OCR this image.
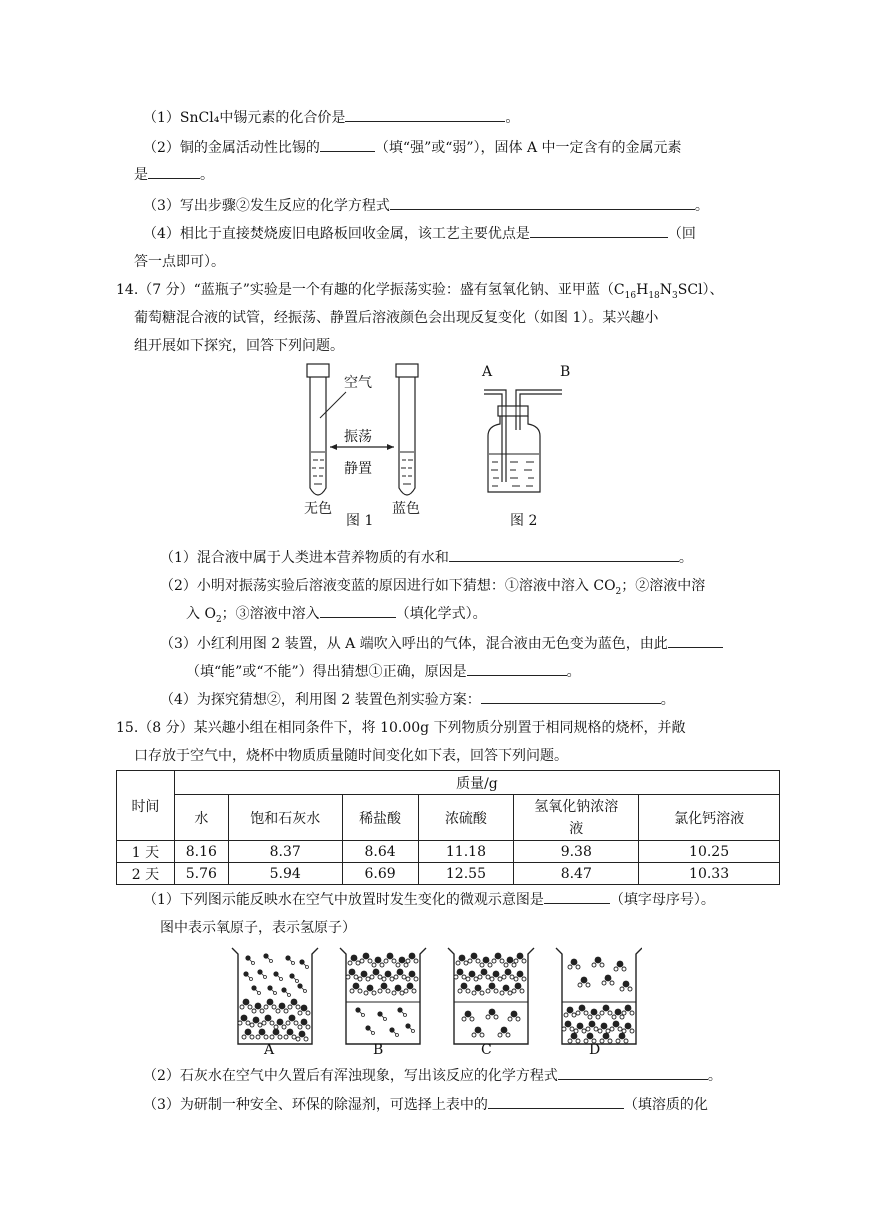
（1）SnCl₄中锡元素的化合价是	。
（2）铜的金属活动性比锡的	（填“强”或“弱”），固体 A 中一定含有的金属元素
是	。
（3）写出步骤②发生反应的化学方程式	。
（4）相比于直接焚烧废旧电路板回收金属，该工艺主要优点是	（回
答一点即可）。
14.（7 分）“蓝瓶子”实验是一个有趣的化学振荡实验：盛有氢氧化钠、亚甲蓝$(C_{16}H_{18}N_3SCl)$、
葡萄糖混合液的试管，经振荡、静置后溶液颜色会出现反复变化（如图 1）。某兴趣小
组开展如下探究，回答下列问题。
空气
振荡
静置
无色	蓝色
图 1
A	B
图 2
（1）混合液中属于人类进本营养物质的有水和	。
（2）小明对振荡实验后溶液变蓝的原因进行如下猜想：①溶液中溶入 $CO_2$；②溶液中溶
入 $O_2$；③溶液中溶入	（填化学式）。
（3）小红利用图 2 装置，从 A 端吹入呼出的气体，混合液由无色变为蓝色，由此
（填“能”或“不能”）得出猜想①正确，原因是	。
（4）为探究猜想②，利用图 2 装置色剂实验方案：	。
15.（8 分）某兴趣小组在相同条件下，将 10.00g 下列物质分别置于相同规格的烧杯，并敞
口存放于空气中，烧杯中物质质量随时间变化如下表，回答下列问题。
时间	质量/g					
	水	饱和石灰水	稀盐酸	浓硫酸	氢氧化钠浓溶液	氯化钙溶液
1 天	8.16	8.37	8.64	11.18	9.38	10.25
2 天	5.76	5.94	6.69	12.55	8.47	10.33
（1）下列图示能反映水在空气中放置时发生变化的微观示意图是	（填字母序号）。
图中表示氧原子，表示氢原子）
A	B	C	D
（2）石灰水在空气中久置后有浑浊现象，写出该反应的化学方程式	。
（3）为研制一种安全、环保的除湿剂，可选择上表中的	（填溶质的化
